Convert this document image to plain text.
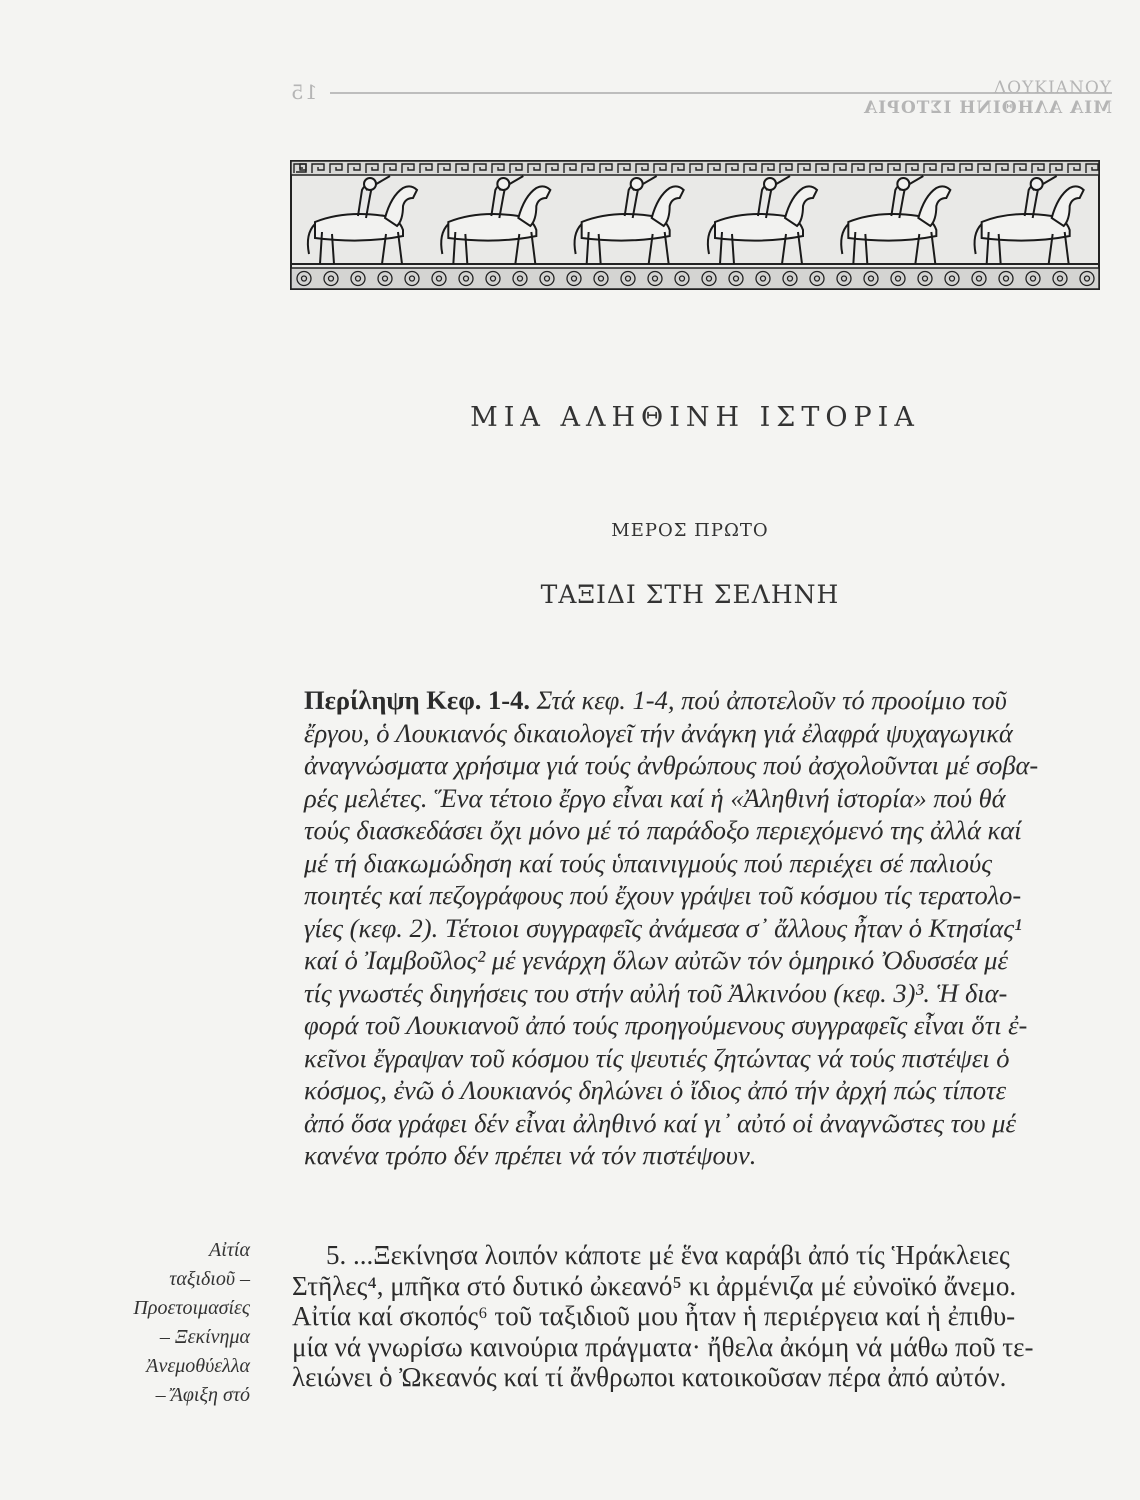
15	ΛΟΥΚΙΑΝΟΥ
ΜΙΑ ΑΛΗΘΙΝΗ ΙΣΤΟΡΙΑ
ΜΙΑ ΑΛΗΘΙΝΗ ΙΣΤΟΡΙΑ
ΜΕΡΟΣ ΠΡΩΤΟ
ΤΑΞΙΔΙ ΣΤΗ ΣΕΛΗΝΗ
Περίληψη Κεφ. 1-4. Στά κεφ. 1-4, πού ἀποτελοῦν τό προοίμιο τοῦ
ἔργου, ὁ Λουκιανός δικαιολογεῖ τήν ἀνάγκη γιά ἐλαφρά ψυχαγωγικά
ἀναγνώσματα χρήσιμα γιά τούς ἀνθρώπους πού ἀσχολοῦνται μέ σοβα-
ρές μελέτες. Ἕνα τέτοιο ἔργο εἶναι καί ἡ «Ἀληθινή ἱστορία» πού θά
τούς διασκεδάσει ὄχι μόνο μέ τό παράδοξο περιεχόμενό της ἀλλά καί
μέ τή διακωμώδηση καί τούς ὑπαινιγμούς πού περιέχει σέ παλιούς
ποιητές καί πεζογράφους πού ἔχουν γράψει τοῦ κόσμου τίς τερατολο-
γίες (κεφ. 2). Τέτοιοι συγγραφεῖς ἀνάμεσα σ᾽ ἄλλους ἦταν ὁ Κτησίας¹
καί ὁ Ἰαμβοῦλος² μέ γενάρχη ὅλων αὐτῶν τόν ὁμηρικό Ὀδυσσέα μέ
τίς γνωστές διηγήσεις του στήν αὐλή τοῦ Ἀλκινόου (κεφ. 3)³. Ἡ δια-
φορά τοῦ Λουκιανοῦ ἀπό τούς προηγούμενους συγγραφεῖς εἶναι ὅτι ἐ-
κεῖνοι ἔγραψαν τοῦ κόσμου τίς ψευτιές ζητώντας νά τούς πιστέψει ὁ
κόσμος, ἐνῶ ὁ Λουκιανός δηλώνει ὁ ἴδιος ἀπό τήν ἀρχή πώς τίποτε
ἀπό ὅσα γράφει δέν εἶναι ἀληθινό καί γι᾽ αὐτό οἱ ἀναγνῶστες του μέ
κανένα τρόπο δέν πρέπει νά τόν πιστέψουν.
Αἰτία
ταξιδιοῦ –
Προετοιμασίες
– Ξεκίνημα
Ἀνεμοθύελλα
– Ἄφιξη στό
5. ...Ξεκίνησα λοιπόν κάποτε μέ ἕνα καράβι ἀπό τίς Ἡράκλειες
Στῆλες⁴, μπῆκα στό δυτικό ὠκεανό⁵ κι ἀρμένιζα μέ εὐνοϊκό ἄνεμο.
Αἰτία καί σκοπός⁶ τοῦ ταξιδιοῦ μου ἦταν ἡ περιέργεια καί ἡ ἐπιθυ-
μία νά γνωρίσω καινούρια πράγματα· ἤθελα ἀκόμη νά μάθω ποῦ τε-
λειώνει ὁ Ὠκεανός καί τί ἄνθρωποι κατοικοῦσαν πέρα ἀπό αὐτόν.
